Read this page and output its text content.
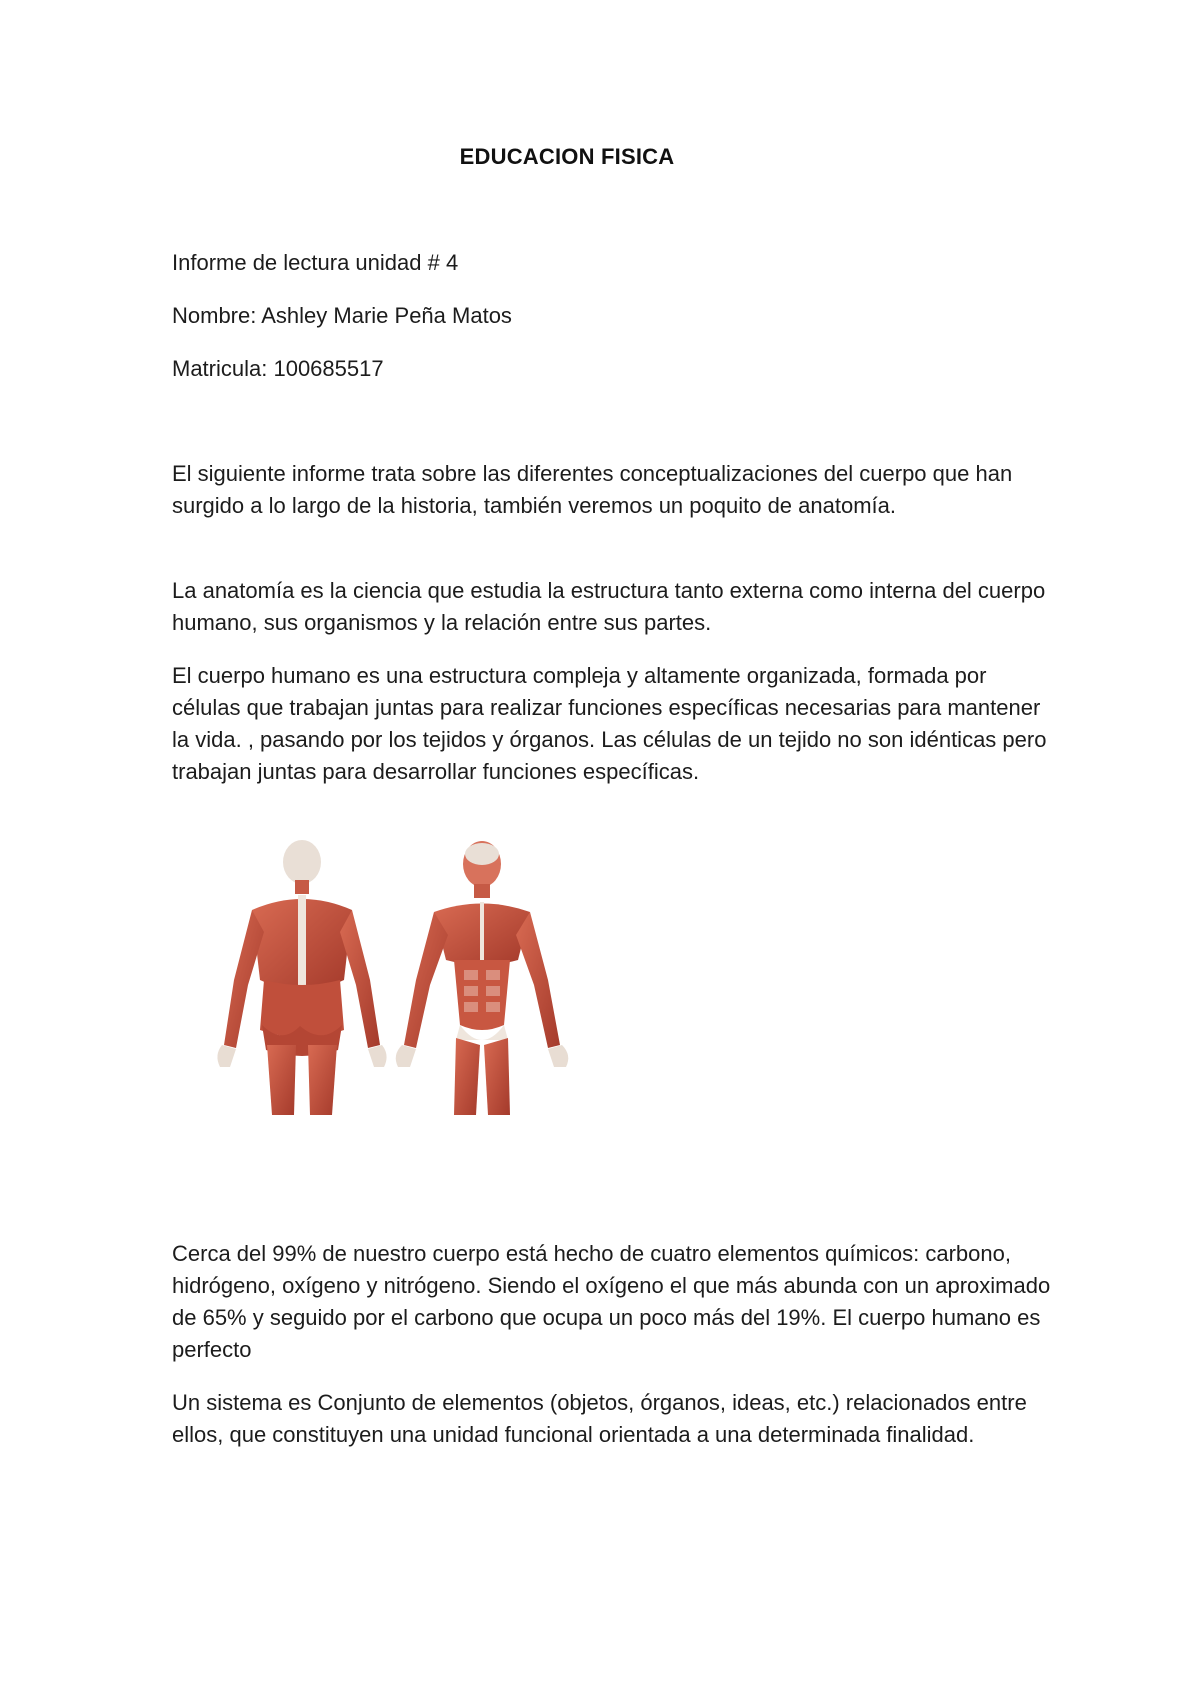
EDUCACION FISICA
Informe de lectura unidad # 4
Nombre: Ashley Marie Peña Matos
Matricula: 100685517

El siguiente informe trata sobre las diferentes conceptualizaciones del cuerpo que han surgido a lo largo de la historia, también veremos un poquito de anatomía.

La anatomía es la ciencia que estudia la estructura tanto externa como interna del cuerpo humano, sus organismos y la relación entre sus partes.

El cuerpo humano es una estructura compleja y altamente organizada, formada por células que trabajan juntas para realizar funciones específicas necesarias para mantener la vida. , pasando por los tejidos y órganos. Las células de un tejido no son idénticas pero trabajan juntas para desarrollar funciones específicas.

Cerca del 99% de nuestro cuerpo está hecho de cuatro elementos químicos: carbono, hidrógeno, oxígeno y nitrógeno. Siendo el oxígeno el que más abunda con un aproximado de 65% y seguido por el carbono que ocupa un poco más del 19%. El cuerpo humano es perfecto

Un sistema es Conjunto de elementos (objetos, órganos, ideas, etc.) relacionados entre ellos, que constituyen una unidad funcional orientada a una determinada finalidad.
